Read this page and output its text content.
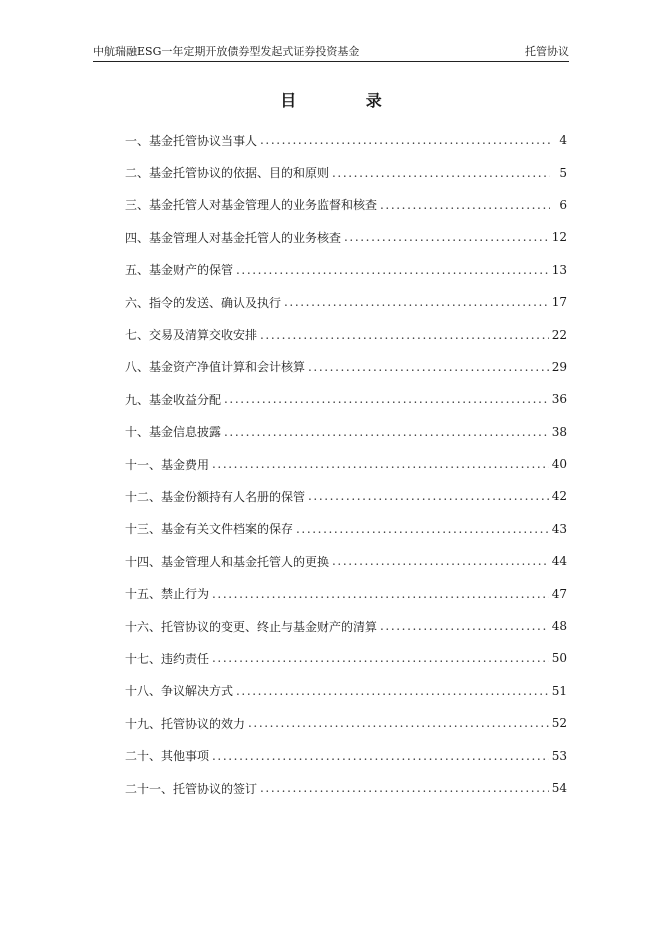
中航瑞融ESG一年定期开放债券型发起式证券投资基金	托管协议
目 录
一、基金托管协议当事人 .....	4
二、基金托管协议的依据、目的和原则 .....	5
三、基金托管人对基金管理人的业务监督和核查 .....	6
四、基金管理人对基金托管人的业务核查 .....	12
五、基金财产的保管 .....	13
六、指令的发送、确认及执行 .....	17
七、交易及清算交收安排 .....	22
八、基金资产净值计算和会计核算 .....	29
九、基金收益分配 .....	36
十、基金信息披露 .....	38
十一、基金费用 .....	40
十二、基金份额持有人名册的保管 .....	42
十三、基金有关文件档案的保存 .....	43
十四、基金管理人和基金托管人的更换 .....	44
十五、禁止行为 .....	47
十六、托管协议的变更、终止与基金财产的清算 .....	48
十七、违约责任 .....	50
十八、争议解决方式 .....	51
十九、托管协议的效力 .....	52
二十、其他事项 .....	53
二十一、托管协议的签订 .....	54
